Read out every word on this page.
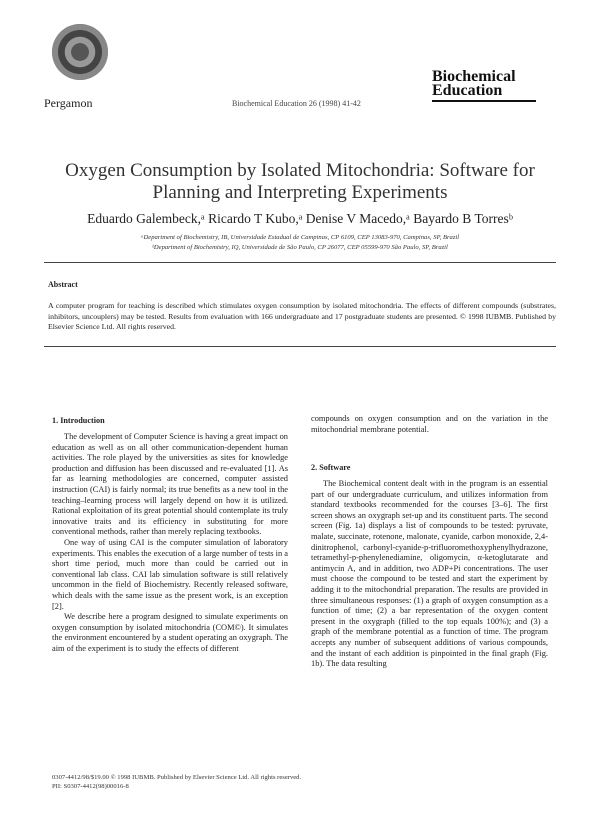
Pergamon	Biochemical Education 26 (1998) 41-42
Biochemical
Education
Oxygen Consumption by Isolated Mitochondria: Software for Planning and Interpreting Experiments
Eduardo Galembeck,ᵃ Ricardo T Kubo,ᵃ Denise V Macedo,ᵃ Bayardo B Torresᵇ
ᵃDepartment of Biochemistry, IB, Universidade Estadual de Campinas, CP 6109, CEP 13083-970, Campinas, SP, Brazil
ᵇDepartment of Biochemistry, IQ, Universidade de São Paulo, CP 26077, CEP 05599-970 São Paulo, SP, Brazil
Abstract
A computer program for teaching is described which stimulates oxygen consumption by isolated mitochondria. The effects of different compounds (substrates, inhibitors, uncouplers) may be tested. Results from evaluation with 166 undergraduate and 17 postgraduate students are presented. © 1998 IUBMB. Published by Elsevier Science Ltd. All rights reserved.
1. Introduction

The development of Computer Science is having a great impact on education as well as on all other communication-dependent human activities. The role played by the universities as sites for knowledge production and diffusion has been discussed and re-evaluated [1]. As far as learning methodologies are concerned, computer assisted instruction (CAI) is fairly normal; its true benefits as a new tool in the teaching–learning process will largely depend on how it is utilized. Rational exploitation of its great potential should contemplate its truly innovative traits and its efficiency in substituting for more conventional methods, rather than merely replacing textbooks.

One way of using CAI is the computer simulation of laboratory experiments. This enables the execution of a large number of tests in a short time period, much more than could be carried out in conventional lab class. CAI lab simulation software is still relatively uncommon in the field of Biochemistry. Recently released software, which deals with the same issue as the present work, is an exception [2].

We describe here a program designed to simulate experiments on oxygen consumption by isolated mitochondria (COM©). It simulates the environment encountered by a student operating an oxygraph. The aim of the experiment is to study the effects of different

compounds on oxygen consumption and on the variation in the mitochondrial membrane potential.

2. Software

The Biochemical content dealt with in the program is an essential part of our undergraduate curriculum, and utilizes information from standard textbooks recommended for the courses [3–6]. The first screen shows an oxygraph set-up and its constituent parts. The second screen (Fig. 1a) displays a list of compounds to be tested: pyruvate, malate, succinate, rotenone, malonate, cyanide, carbon monoxide, 2,4-dinitrophenol, carbonyl-cyanide-p-trifluoromethoxyphenylhydrazone, tetramethyl-p-phenylenediamine, oligomycin, α-ketoglutarate and antimycin A, and in addition, two ADP+Pi concentrations. The user must choose the compound to be tested and start the experiment by adding it to the mitochondrial preparation. The results are provided in three simultaneous responses: (1) a graph of oxygen consumption as a function of time; (2) a bar representation of the oxygen content present in the oxygraph (filled to the top equals 100%); and (3) a graph of the membrane potential as a function of time. The program accepts any number of subsequent additions of various compounds, and the instant of each addition is pinpointed in the final graph (Fig. 1b). The data resulting

0307-4412/98/$19.00 © 1998 IUBMB. Published by Elsevier Science Ltd. All rights reserved.
PII: S0307-4412(98)00016-8
